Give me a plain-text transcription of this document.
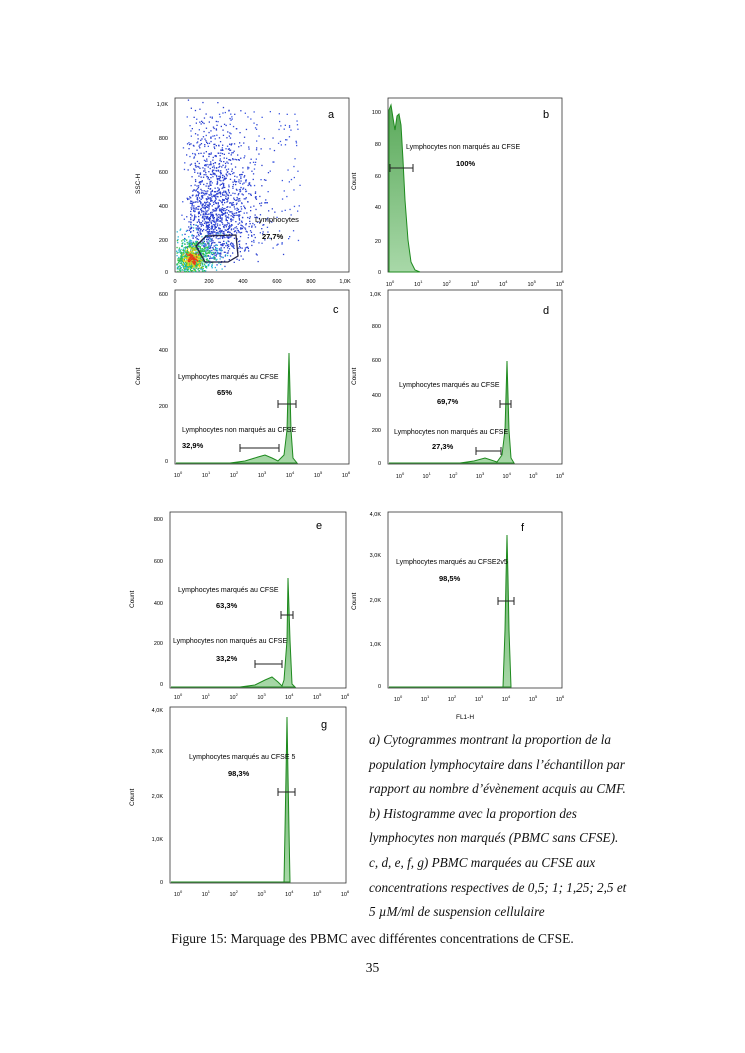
a
Lymphocytes
27,7%
SSC-H
0
200
400
600
800
1,0K
0	200	400	600	800	1,0K
b
Lymphocytes non marqués au CFSE
100%
Count
0
20
40
60
80
100
$10^0$
$10^1$
$10^2$
$10^3$
$10^4$
$10^5$
$10^6$
c
Lymphocytes marqués au CFSE
65%
Lymphocytes non marqués au CFSE
32,9%
Count
0
200
400
600
$10^0$
$10^1$
$10^2$
$10^3$
$10^4$
$10^5$
$10^6$
d
Lymphocytes marqués au CFSE
69,7%
Lymphocytes non marqués au CFSE
27,3%
Count
0
200
400
600
800
1,0K
$10^0$
$10^1$
$10^2$
$10^3$
$10^4$
$10^5$
$10^6$
e
Lymphocytes marqués au CFSE
63,3%
Lymphocytes non marqués au CFSE
33,2%
Count
0
200
400
600
800
$10^0$
$10^1$
$10^2$
$10^3$
$10^4$
$10^5$
$10^6$
f
Lymphocytes marqués au CFSE2v5
98,5%
Count
0
1,0K
2,0K
3,0K
4,0K
$10^0$
$10^1$
$10^2$
$10^3$
$10^4$
$10^5$
$10^6$
FL1-H
g
Lymphocytes marqués au CFSE 5
98,3%
Count
0
1,0K
2,0K
3,0K
4,0K
$10^0$
$10^1$
$10^2$
$10^3$
$10^4$
$10^5$
$10^6$
a) Cytogrammes montrant la proportion de la
population lymphocytaire dans l’échantillon par
rapport au nombre d’évènement acquis au CMF.
b) Histogramme avec la proportion des
lymphocytes non marqués (PBMC sans CFSE).
c, d, e, f, g) PBMC marquées au CFSE aux
concentrations respectives de 0,5; 1; 1,25; 2,5 et
5 µM/ml de suspension cellulaire
Figure 15: Marquage des PBMC avec différentes concentrations de CFSE.
35
